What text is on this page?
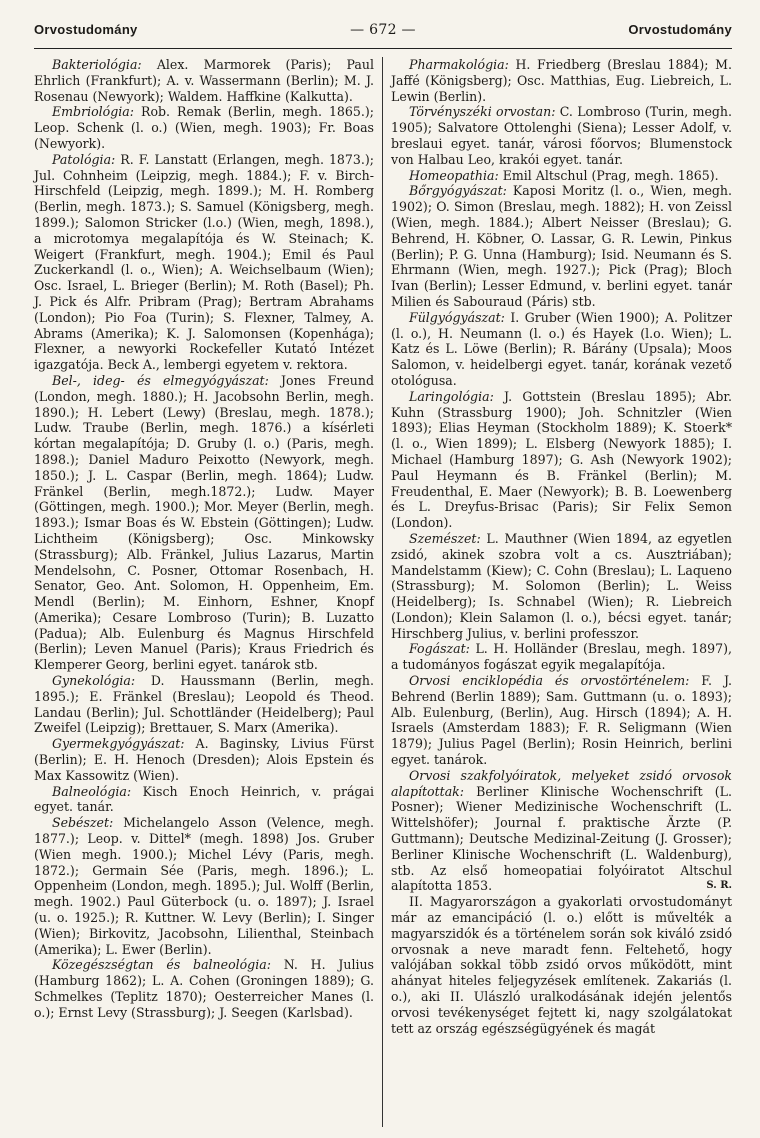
Orvostudomány	— 672 —	Orvostudomány

Bakteriológia: Alex. Marmorek (Paris); Paul Ehrlich (Frankfurt); A. v. Wassermann (Berlin); M. J. Rosenau (Newyork); Waldem. Haffkine (Kalkutta).

Embriológia: Rob. Remak (Berlin, megh. 1865.); Leop. Schenk (l. o.) (Wien, megh. 1903); Fr. Boas (Newyork).

Patológia: R. F. Lanstatt (Erlangen, megh. 1873.); Jul. Cohnheim (Leipzig, megh. 1884.); F. v. Birch-Hirschfeld (Leipzig, megh. 1899.); M. H. Romberg (Berlin, megh. 1873.); S. Samuel (Königsberg, megh. 1899.); Salomon Stricker (l.o.) (Wien, megh, 1898.), a microtomya megalapítója és W. Steinach; K. Weigert (Frankfurt, megh. 1904.); Emil és Paul Zuckerkandl (l. o., Wien); A. Weichselbaum (Wien); Osc. Israel, L. Brieger (Berlin); M. Roth (Basel); Ph. J. Pick és Alfr. Pribram (Prag); Bertram Abrahams (London); Pio Foa (Turin); S. Flexner, Talmey, A. Abrams (Amerika); K. J. Salomonsen (Kopenhága); Flexner, a newyorki Rockefeller Kutató Intézet igazgatója. Beck A., lembergi egyetem v. rektora.

Bel-, ideg- és elmegyógyászat: Jones Freund (London, megh. 1880.); H. Jacobsohn Berlin, megh. 1890.); H. Lebert (Lewy) (Breslau, megh. 1878.); Ludw. Traube (Berlin, megh. 1876.) a kísérleti kórtan megalapítója; D. Gruby (l. o.) (Paris, megh. 1898.); Daniel Maduro Peixotto (Newyork, megh. 1850.); J. L. Caspar (Berlin, megh. 1864); Ludw. Fränkel (Berlin, megh.1872.); Ludw. Mayer (Göttingen, megh. 1900.); Mor. Meyer (Berlin, megh. 1893.); Ismar Boas és W. Ebstein (Göttingen); Ludw. Lichtheim (Königsberg); Osc. Minkowsky (Strassburg); Alb. Fränkel, Julius Lazarus, Martin Mendelsohn, C. Posner, Ottomar Rosenbach, H. Senator, Geo. Ant. Solomon, H. Oppenheim, Em. Mendl (Berlin); M. Einhorn, Eshner, Knopf (Amerika); Cesare Lombroso (Turin); B. Luzatto (Padua); Alb. Eulenburg és Magnus Hirschfeld (Berlin); Leven Manuel (Paris); Kraus Friedrich és Klemperer Georg, berlini egyet. tanárok stb.

Gynekológia: D. Haussmann (Berlin, megh. 1895.); E. Fränkel (Breslau); Leopold és Theod. Landau (Berlin); Jul. Schottländer (Heidelberg); Paul Zweifel (Leipzig); Brettauer, S. Marx (Amerika).

Gyermekgyógyászat: A. Baginsky, Livius Fürst (Berlin); E. H. Henoch (Dresden); Alois Epstein és Max Kassowitz (Wien).

Balneológia: Kisch Enoch Heinrich, v. prágai egyet. tanár.

Sebészet: Michelangelo Asson (Velence, megh. 1877.); Leop. v. Dittel* (megh. 1898) Jos. Gruber (Wien megh. 1900.); Michel Lévy (Paris, megh. 1872.); Germain Sée (Paris, megh. 1896.); L. Oppenheim (London, megh. 1895.); Jul. Wolff (Berlin, megh. 1902.) Paul Güterbock (u. o. 1897); J. Israel (u. o. 1925.); R. Kuttner. W. Levy (Berlin); I. Singer (Wien); Birkovitz, Jacobsohn, Lilienthal, Steinbach (Amerika); L. Ewer (Berlin).

Közegészségtan és balneológia: N. H. Julius (Hamburg 1862); L. A. Cohen (Groningen 1889); G. Schmelkes (Teplitz 1870); Oesterreicher Manes (l. o.); Ernst Levy (Strassburg); J. Seegen (Karlsbad).

Pharmakológia: H. Friedberg (Breslau 1884); M. Jaffé (Königsberg); Osc. Matthias, Eug. Liebreich, L. Lewin (Berlin).

Törvényszéki orvostan: C. Lombroso (Turin, megh. 1905); Salvatore Ottolenghi (Siena); Lesser Adolf, v. breslaui egyet. tanár, városi főorvos; Blumenstock von Halbau Leo, krakói egyet. tanár.

Homeopathia: Emil Altschul (Prag, megh. 1865).

Bőrgyógyászat: Kaposi Moritz (l. o., Wien, megh. 1902); O. Simon (Breslau, megh. 1882); H. von Zeissl (Wien, megh. 1884.); Albert Neisser (Breslau); G. Behrend, H. Köbner, O. Lassar, G. R. Lewin, Pinkus (Berlin); P. G. Unna (Hamburg); Isid. Neumann és S. Ehrmann (Wien, megh. 1927.); Pick (Prag); Bloch Ivan (Berlin); Lesser Edmund, v. berlini egyet. tanár Milien és Sabouraud (Páris) stb.

Fülgyógyászat: I. Gruber (Wien 1900); A. Politzer (l. o.), H. Neumann (l. o.) és Hayek (l.o. Wien); L. Katz és L. Löwe (Berlin); R. Bárány (Upsala); Moos Salomon, v. heidelbergi egyet. tanár, korának vezető otológusa.

Laringológia: J. Gottstein (Breslau 1895); Abr. Kuhn (Strassburg 1900); Joh. Schnitzler (Wien 1893); Elias Heyman (Stockholm 1889); K. Stoerk* (l. o., Wien 1899); L. Elsberg (Newyork 1885); I. Michael (Hamburg 1897); G. Ash (Newyork 1902); Paul Heymann és B. Fränkel (Berlin); M. Freudenthal, E. Maer (Newyork); B. B. Loewenberg és L. Dreyfus-Brisac (Paris); Sir Felix Semon (London).

Szemészet: L. Mauthner (Wien 1894, az egyetlen zsidó, akinek szobra volt a cs. Ausztriában); Mandelstamm (Kiew); C. Cohn (Breslau); L. Laqueno (Strassburg); M. Solomon (Berlin); L. Weiss (Heidelberg); Is. Schnabel (Wien); R. Liebreich (London); Klein Salamon (l. o.), bécsi egyet. tanár; Hirschberg Julius, v. berlini professzor.

Fogászat: L. H. Holländer (Breslau, megh. 1897), a tudományos fogászat egyik megalapítója.

Orvosi enciklopédia és orvostörténelem: F. J. Behrend (Berlin 1889); Sam. Guttmann (u. o. 1893); Alb. Eulenburg, (Berlin), Aug. Hirsch (1894); A. H. Israels (Amsterdam 1883); F. R. Seligmann (Wien 1879); Julius Pagel (Berlin); Rosin Heinrich, berlini egyet. tanárok.

Orvosi szakfolyóiratok, melyeket zsidó orvosok alapítottak: Berliner Klinische Wochenschrift (L. Posner); Wiener Medizinische Wochenschrift (L. Wittelshöfer); Journal f. praktische Ärzte (P. Guttmann); Deutsche Medizinal-Zeitung (J. Grosser); Berliner Klinische Wochenschrift (L. Waldenburg), stb. Az első homeopatiai folyóiratot Altschul alapította 1853.	S. R.

II. Magyarországon a gyakorlati orvostudományt már az emancipáció (l. o.) előtt is művelték a magyarszidók és a történelem során sok kiváló zsidó orvosnak a neve maradt fenn. Feltehető, hogy valójában sokkal több zsidó orvos működött, mint ahányat hiteles feljegyzések említenek. Zakariás (l. o.), aki II. Ulászló uralkodásának idején jelentős orvosi tevékenységet fejtett ki, nagy szolgálatokat tett az ország egészségügyének és magát
